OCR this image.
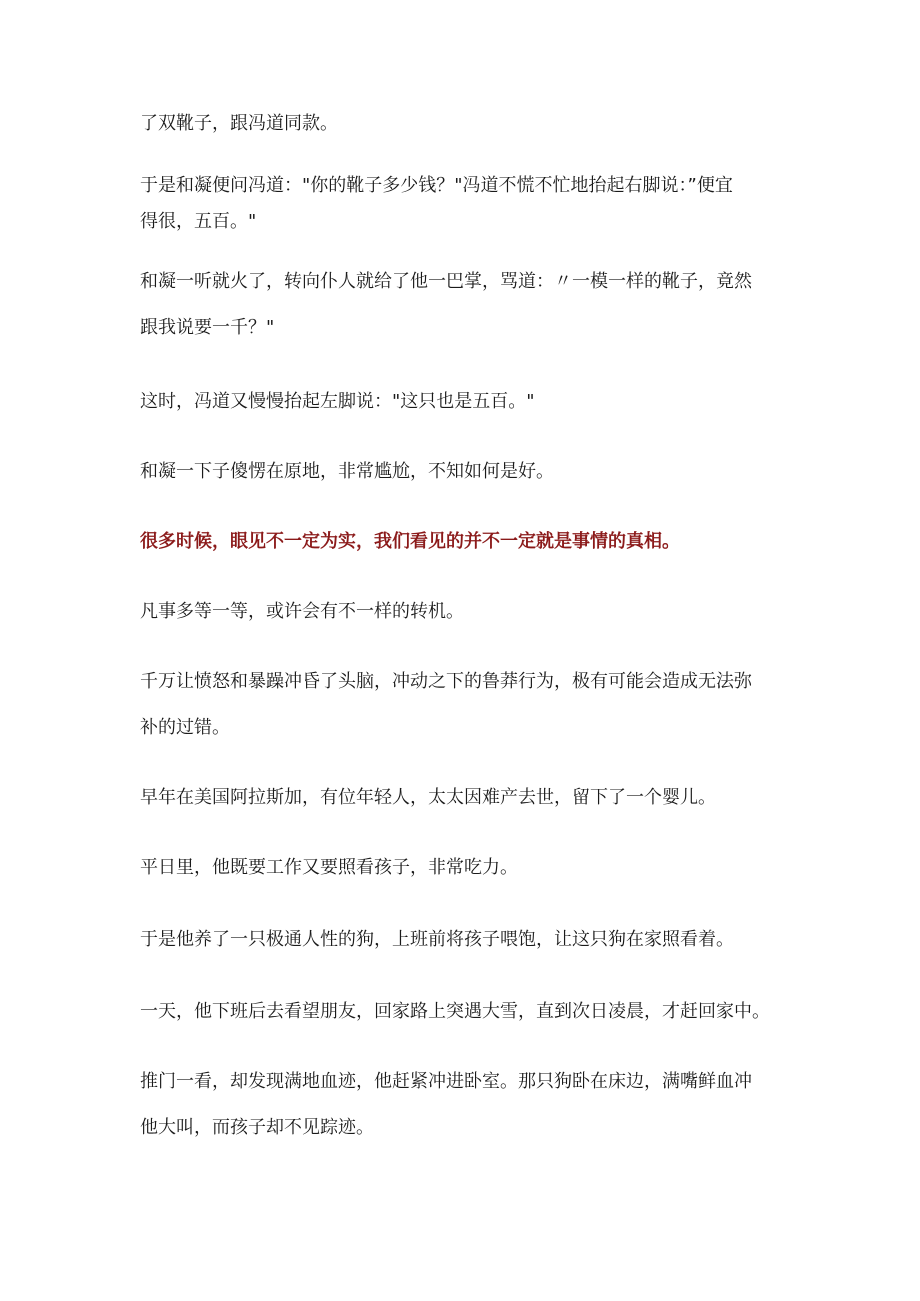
了双靴子，跟冯道同款。

于是和凝便问冯道："你的靴子多少钱？"冯道不慌不忙地抬起右脚说：”便宜
得很，五百。"

和凝一听就火了，转向仆人就给了他一巴掌，骂道：〃一模一样的靴子，竟然
跟我说要一千？"

这时，冯道又慢慢抬起左脚说："这只也是五百。"

和凝一下子傻愣在原地，非常尴尬，不知如何是好。

很多时候，眼见不一定为实，我们看见的并不一定就是事情的真相。

凡事多等一等，或许会有不一样的转机。

千万让愤怒和暴躁冲昏了头脑，冲动之下的鲁莽行为，极有可能会造成无法弥
补的过错。

早年在美国阿拉斯加，有位年轻人，太太因难产去世，留下了一个婴儿。

平日里，他既要工作又要照看孩子，非常吃力。

于是他养了一只极通人性的狗，上班前将孩子喂饱，让这只狗在家照看着。

一天，他下班后去看望朋友，回家路上突遇大雪，直到次日凌晨，才赶回家中。

推门一看，却发现满地血迹，他赶紧冲进卧室。那只狗卧在床边，满嘴鲜血冲
他大叫，而孩子却不见踪迹。
